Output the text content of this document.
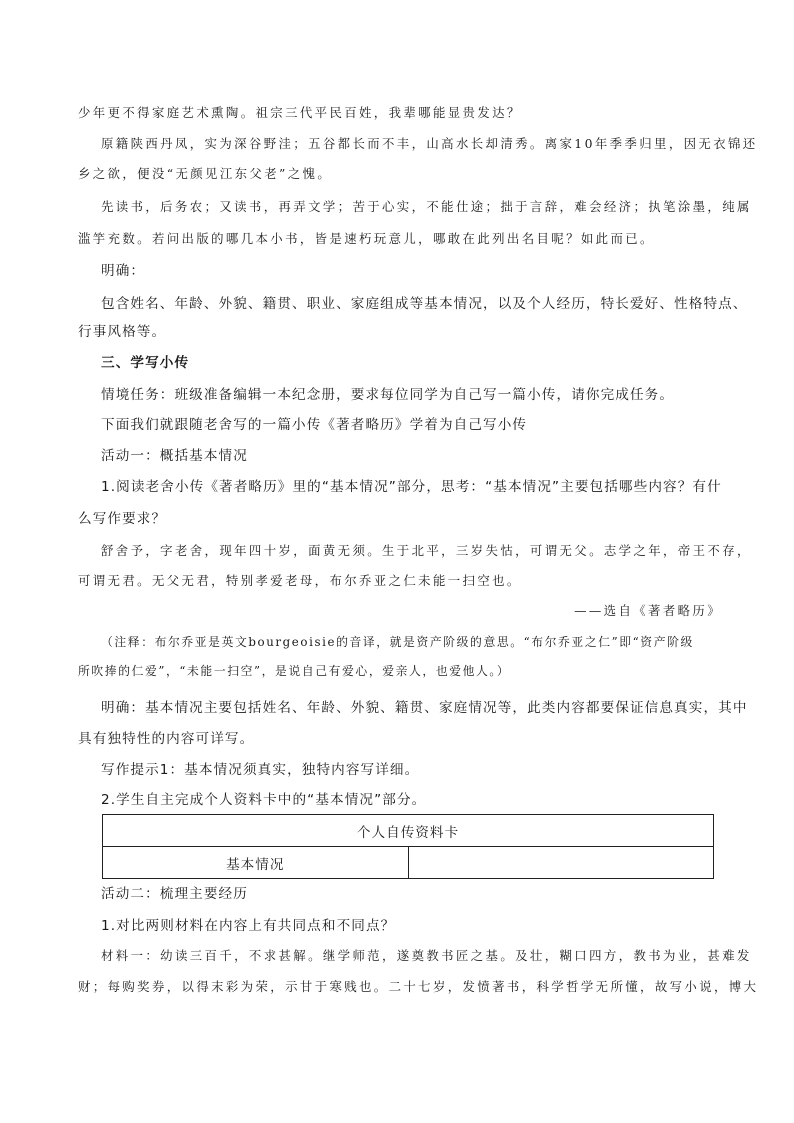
少年更不得家庭艺术熏陶。祖宗三代平民百姓，我辈哪能显贵发达？
原籍陕西丹凤，实为深谷野洼；五谷都长而不丰，山高水长却清秀。离家10年季季归里，因无衣锦还
乡之欲，便没“无颜见江东父老”之愧。
先读书，后务农；又读书，再弄文学；苦于心实，不能仕途；拙于言辞，难会经济；执笔涂墨，纯属
滥竽充数。若问出版的哪几本小书，皆是速朽玩意儿，哪敢在此列出名目呢？如此而已。
明确：
包含姓名、年龄、外貌、籍贯、职业、家庭组成等基本情况，以及个人经历，特长爱好、性格特点、
行事风格等。
三、学写小传
情境任务：班级准备编辑一本纪念册，要求每位同学为自己写一篇小传，请你完成任务。
下面我们就跟随老舍写的一篇小传《著者略历》学着为自己写小传
活动一：概括基本情况
1.阅读老舍小传《著者略历》里的“基本情况”部分，思考：“基本情况”主要包括哪些内容？有什
么写作要求？
舒舍予，字老舍，现年四十岁，面黄无须。生于北平，三岁失怙，可谓无父。志学之年，帝王不存，
可谓无君。无父无君，特别孝爱老母，布尔乔亚之仁未能一扫空也。
——选自《著者略历》
（注释：布尔乔亚是英文bourgeoisie的音译，就是资产阶级的意思。“布尔乔亚之仁”即“资产阶级
所吹捧的仁爱”，“未能一扫空”，是说自己有爱心，爱亲人，也爱他人。）
明确：基本情况主要包括姓名、年龄、外貌、籍贯、家庭情况等，此类内容都要保证信息真实，其中
具有独特性的内容可详写。
写作提示1：基本情况须真实，独特内容写详细。
2.学生自主完成个人资料卡中的“基本情况”部分。
个人自传资料卡
基本情况	
活动二：梳理主要经历
1.对比两则材料在内容上有共同点和不同点？
材料一：幼读三百千，不求甚解。继学师范，遂奠教书匠之基。及壮，糊口四方，教书为业，甚难发
财；每购奖券，以得末彩为荣，示甘于寒贱也。二十七岁，发愤著书，科学哲学无所懂，故写小说，博大
